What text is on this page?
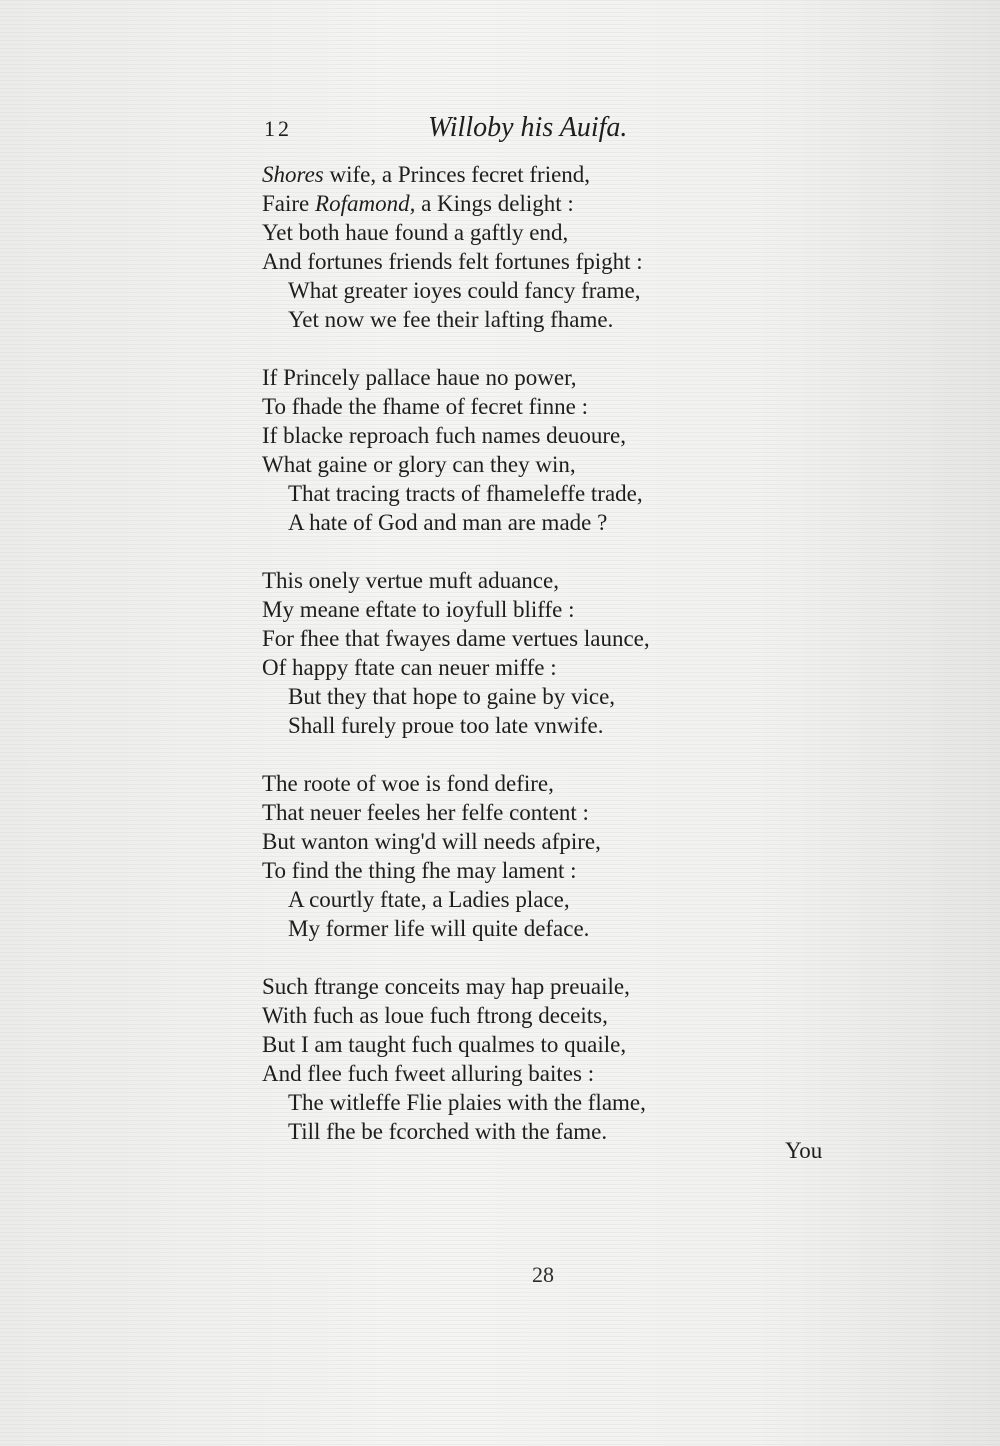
12	Willoby his Auifa.
Shores wife, a Princes fecret friend,
Faire Rofamond, a Kings delight :
Yet both haue found a gaftly end,
And fortunes friends felt fortunes fpight :
What greater ioyes could fancy frame,
Yet now we fee their lafting fhame.
If Princely pallace haue no power,
To fhade the fhame of fecret finne :
If blacke reproach fuch names deuoure,
What gaine or glory can they win,
That tracing tracts of fhameleffe trade,
A hate of God and man are made ?
This onely vertue muft aduance,
My meane eftate to ioyfull bliffe :
For fhee that fwayes dame vertues launce,
Of happy ftate can neuer miffe :
But they that hope to gaine by vice,
Shall furely proue too late vnwife.
The roote of woe is fond defire,
That neuer feeles her felfe content :
But wanton wing'd will needs afpire,
To find the thing fhe may lament :
A courtly ftate, a Ladies place,
My former life will quite deface.
Such ftrange conceits may hap preuaile,
With fuch as loue fuch ftrong deceits,
But I am taught fuch qualmes to quaile,
And flee fuch fweet alluring baites :
The witleffe Flie plaies with the flame,
Till fhe be fcorched with the fame.
You
28
